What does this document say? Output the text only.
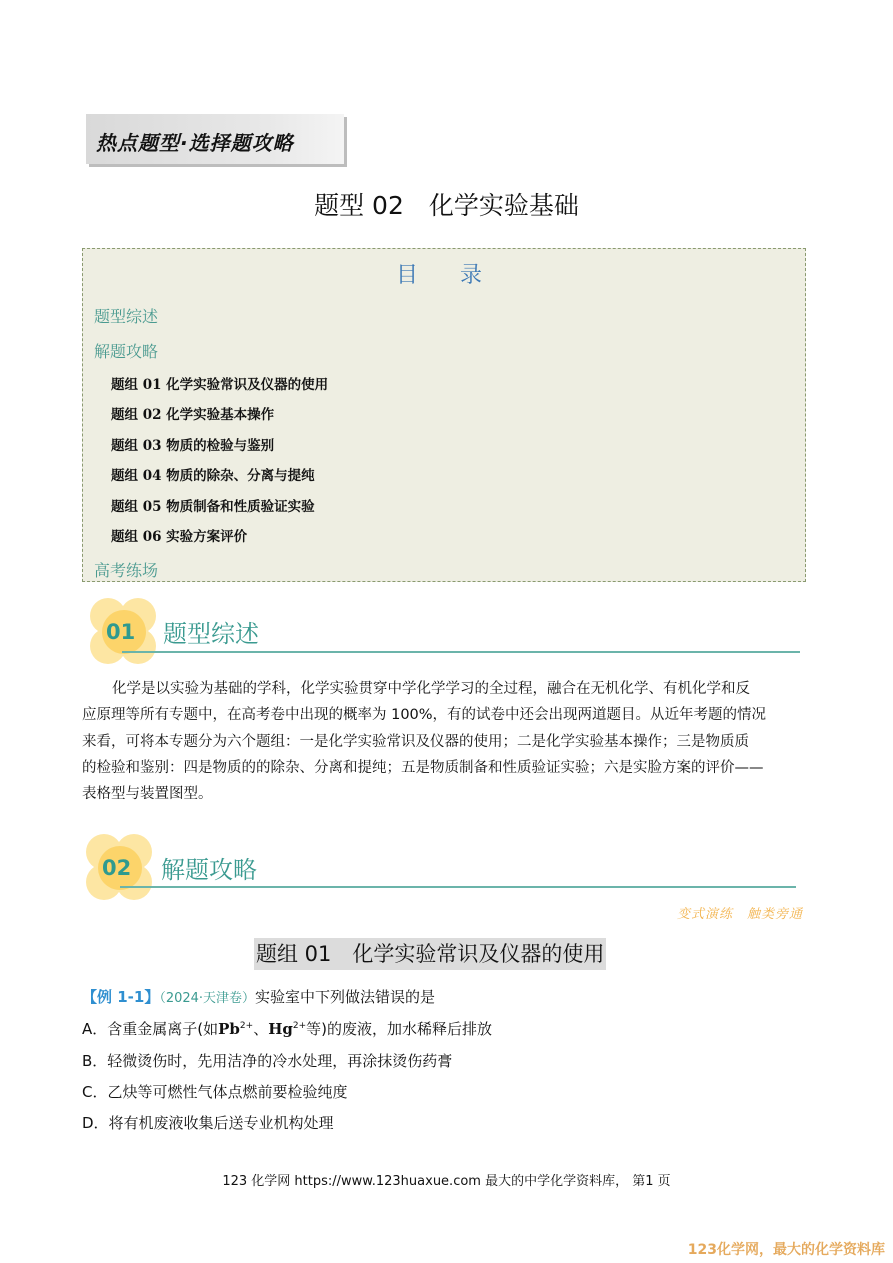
热点题型·选择题攻略
题型 02　化学实验基础
目　录
题型综述
解题攻略
题组 01 化学实验常识及仪器的使用
题组 02 化学实验基本操作
题组 03 物质的检验与鉴别
题组 04 物质的除杂、分离与提纯
题组 05 物质制备和性质验证实验
题组 06 实验方案评价
高考练场
01 题型综述
化学是以实验为基础的学科，化学实验贯穿中学化学学习的全过程，融合在无机化学、有机化学和反
应原理等所有专题中，在高考卷中出现的概率为 100%，有的试卷中还会出现两道题目。从近年考题的情况
来看，可将本专题分为六个题组：一是化学实验常识及仪器的使用；二是化学实验基本操作；三是物质质
的检验和鉴别：四是物质的的除杂、分离和提纯；五是物质制备和性质验证实验；六是实脸方案的评价——
表格型与装置图型。
02 解题攻略
变式演练　触类旁通
题组 01　化学实验常识及仪器的使用
【例 1-1】（2024·天津卷）实验室中下列做法错误的是
A．含重金属离子(如$Pb^{2+}$、$Hg^{2+}$等)的废液，加水稀释后排放
B．轻微烫伤时，先用洁净的冷水处理，再涂抹烫伤药膏
C．乙炔等可燃性气体点燃前要检验纯度
D．将有机废液收集后送专业机构处理
123 化学网 https://www.123huaxue.com 最大的中学化学资料库， 第1 页
123化学网，最大的化学资料库
